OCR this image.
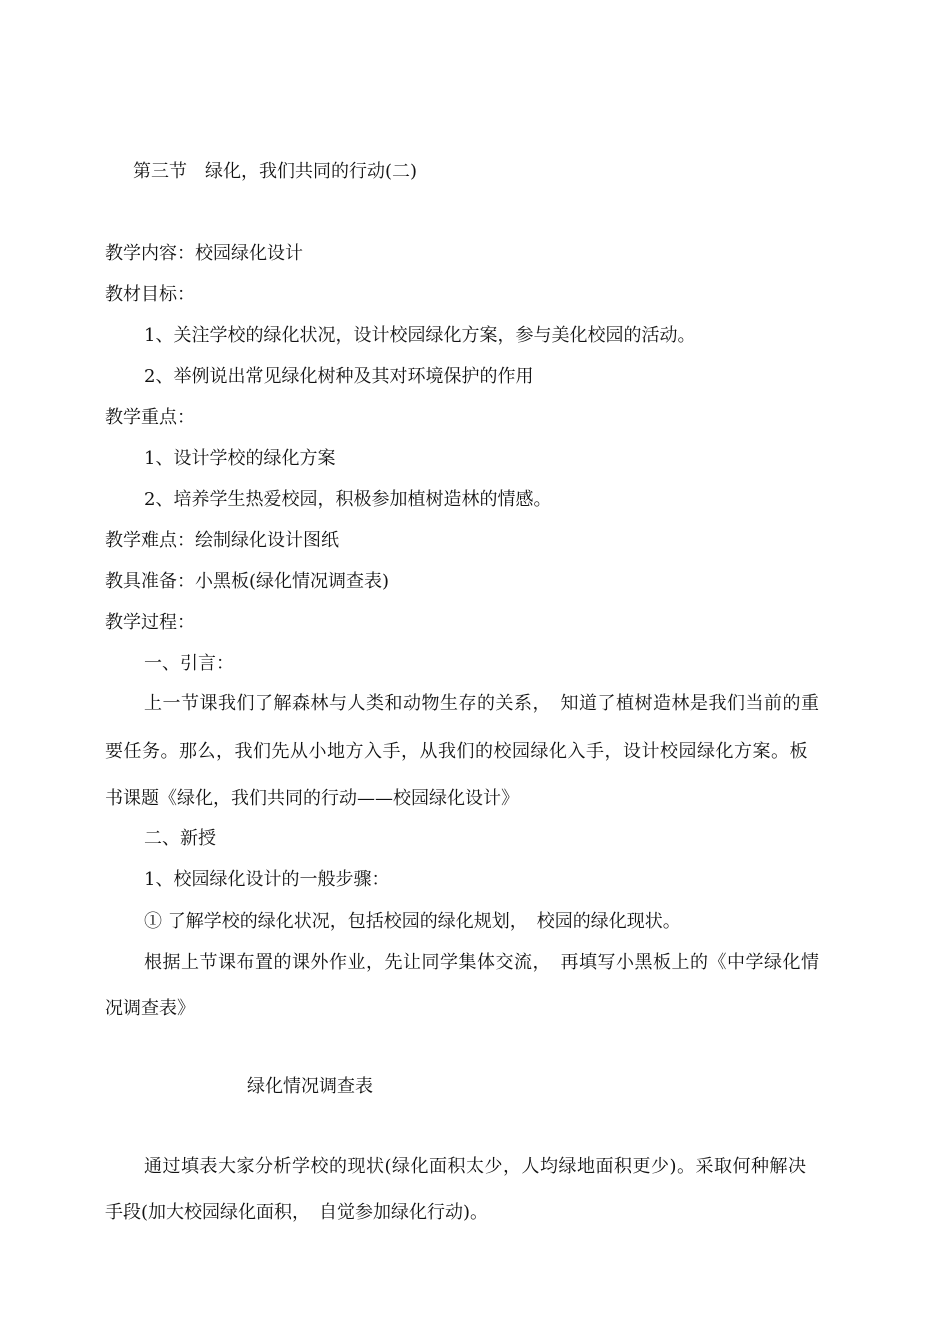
第三节　绿化，我们共同的行动(二)
教学内容：校园绿化设计
教材目标：
1、关注学校的绿化状况，设计校园绿化方案，参与美化校园的活动。
2、举例说出常见绿化树种及其对环境保护的作用
教学重点：
1、设计学校的绿化方案
2、培养学生热爱校园，积极参加植树造林的情感。
教学难点：绘制绿化设计图纸
教具准备：小黑板(绿化情况调查表)
教学过程：
一、引言：
上一节课我们了解森林与人类和动物生存的关系，　知道了植树造林是我们当前的重
要任务。那么，我们先从小地方入手，从我们的校园绿化入手，设计校园绿化方案。板
书课题《绿化，我们共同的行动——校园绿化设计》
二、新授
1、校园绿化设计的一般步骤：
① 了解学校的绿化状况，包括校园的绿化规划，　校园的绿化现状。
根据上节课布置的课外作业，先让同学集体交流，　再填写小黑板上的《中学绿化情
况调查表》
绿化情况调查表
通过填表大家分析学校的现状(绿化面积太少，人均绿地面积更少)。采取何种解决
手段(加大校园绿化面积，　自觉参加绿化行动)。
